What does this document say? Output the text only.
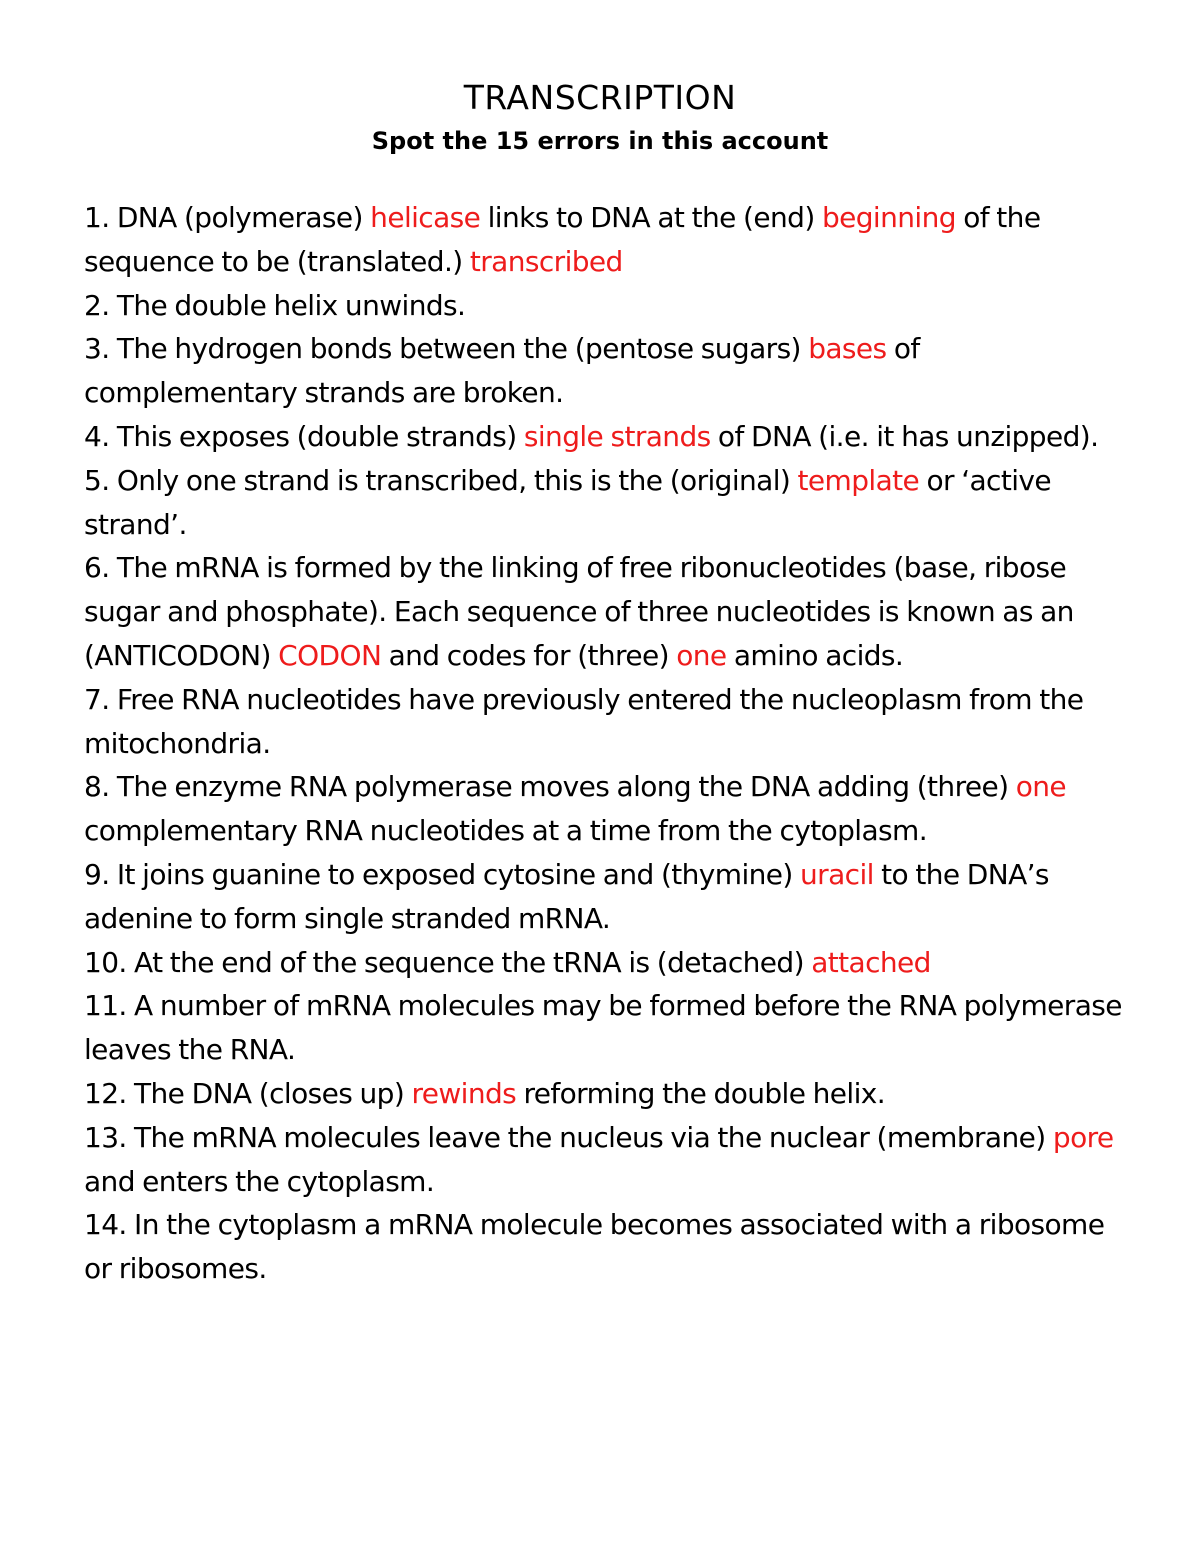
TRANSCRIPTION
Spot the 15 errors in this account

1. DNA (polymerase) helicase links to DNA at the (end) beginning of the sequence to be (translated.) transcribed

2. The double helix unwinds.

3. The hydrogen bonds between the (pentose sugars) bases of complementary strands are broken.

4. This exposes (double strands) single strands of DNA (i.e. it has unzipped).

5. Only one strand is transcribed, this is the (original) template or ‘active strand’.

6. The mRNA is formed by the linking of free ribonucleotides (base, ribose sugar and phosphate). Each sequence of three nucleotides is known as an (ANTICODON) CODON and codes for (three) one amino acids.

7. Free RNA nucleotides have previously entered the nucleoplasm from the mitochondria.

8. The enzyme RNA polymerase moves along the DNA adding (three) one complementary RNA nucleotides at a time from the cytoplasm.

9. It joins guanine to exposed cytosine and (thymine) uracil to the DNA’s adenine to form single stranded mRNA.

10. At the end of the sequence the tRNA is (detached) attached

11. A number of mRNA molecules may be formed before the RNA polymerase leaves the RNA.

12. The DNA (closes up) rewinds reforming the double helix.

13. The mRNA molecules leave the nucleus via the nuclear (membrane) pore and enters the cytoplasm.

14. In the cytoplasm a mRNA molecule becomes associated with a ribosome or ribosomes.
